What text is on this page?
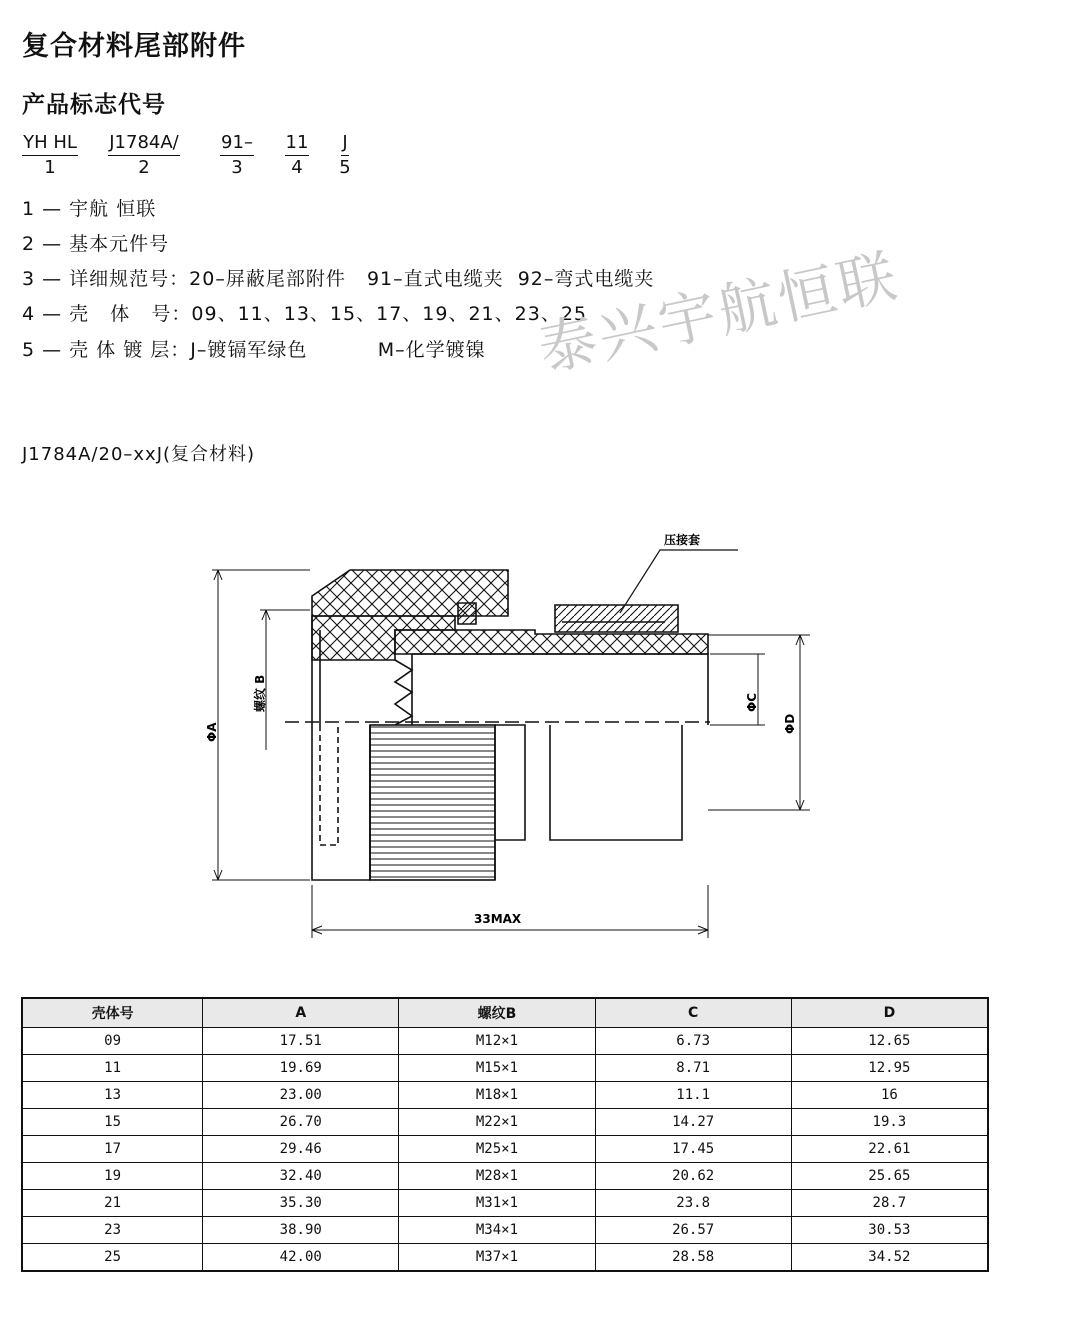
复合材料尾部附件
产品标志代号
YH HL
1
J1784A/
2
91–
3
11
4
J
5
1 — 宇航 恒联
2 — 基本元件号
3 — 详细规范号：20–屏蔽尾部附件   91–直式电缆夹  92–弯式电缆夹
4 — 壳   体   号：09、11、13、15、17、19、21、23、25
5 — 壳 体 镀 层：J–镀镉军绿色          M–化学镀镍 泰兴宇航恒联
J1784A/20–xxJ(复合材料)
压接套
33MAX
ΦA
螺纹 B	ΦC
ΦD
壳体号	A	螺纹B	C	D
09	17.51	M12×1	6.73	12.65
11	19.69	M15×1	8.71	12.95
13	23.00	M18×1	11.1	16
15	26.70	M22×1	14.27	19.3
17	29.46	M25×1	17.45	22.61
19	32.40	M28×1	20.62	25.65
21	35.30	M31×1	23.8	28.7
23	38.90	M34×1	26.57	30.53
25	42.00	M37×1	28.58	34.52
